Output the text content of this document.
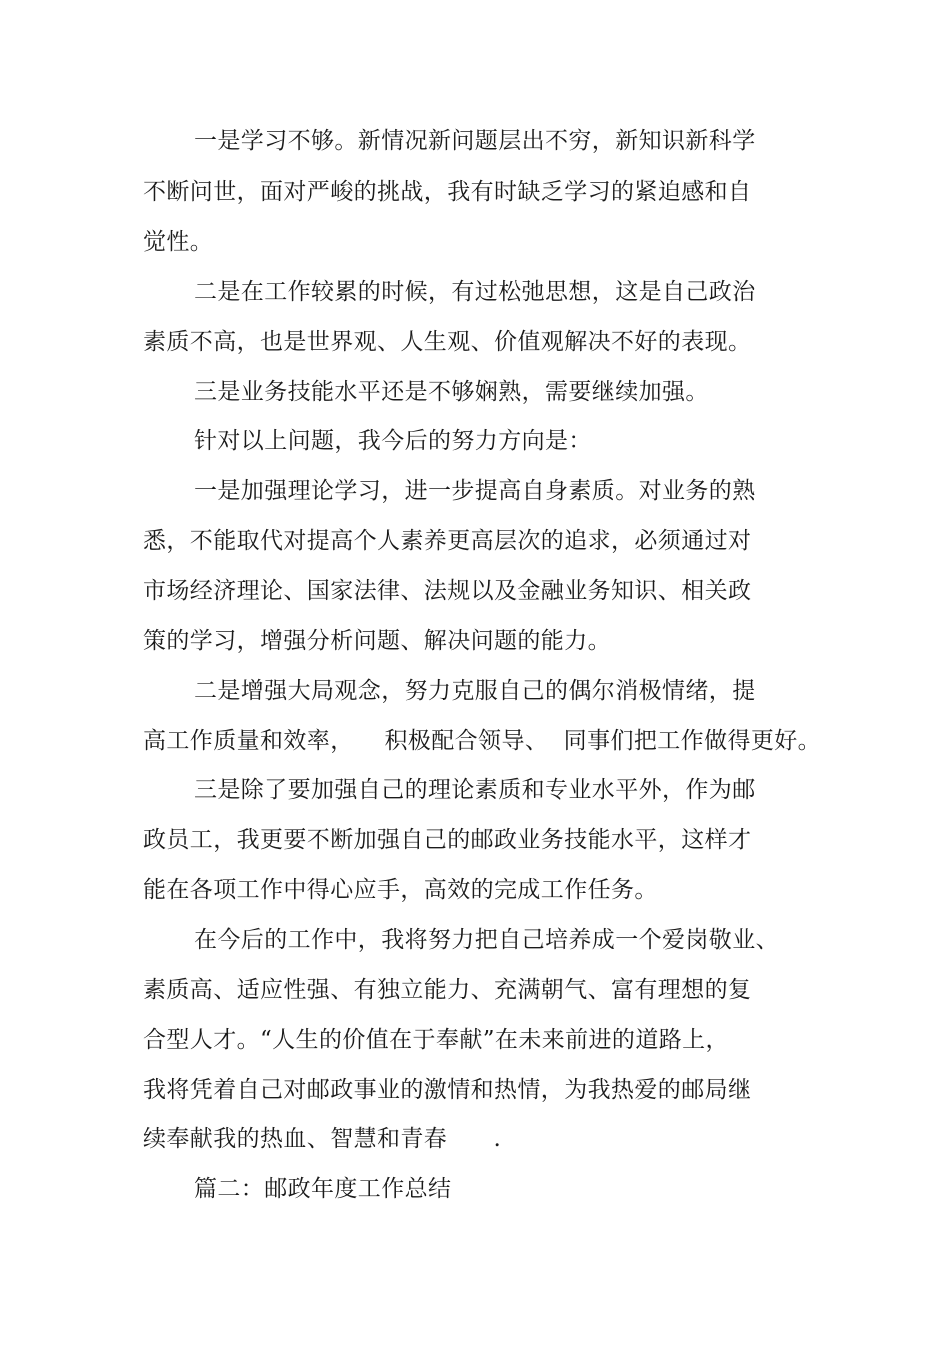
一是学习不够。新情况新问题层出不穷，新知识新科学
不断问世，面对严峻的挑战，我有时缺乏学习的紧迫感和自
觉性。
二是在工作较累的时候，有过松弛思想，这是自己政治
素质不高，也是世界观、人生观、价值观解决不好的表现。
三是业务技能水平还是不够娴熟，需要继续加强。
针对以上问题，我今后的努力方向是：
一是加强理论学习，进一步提高自身素质。对业务的熟
悉，不能取代对提高个人素养更高层次的追求，必须通过对
市场经济理论、国家法律、法规以及金融业务知识、相关政
策的学习，增强分析问题、解决问题的能力。
二是增强大局观念，努力克服自己的偶尔消极情绪，提
高工作质量和效率，    积极配合领导、  同事们把工作做得更好。
三是除了要加强自己的理论素质和专业水平外，作为邮
政员工，我更要不断加强自己的邮政业务技能水平，这样才
能在各项工作中得心应手，高效的完成工作任务。
在今后的工作中，我将努力把自己培养成一个爱岗敬业、
素质高、适应性强、有独立能力、充满朝气、富有理想的复
合型人才。“人生的价值在于奉献”在未来前进的道路上，
我将凭着自己对邮政事业的激情和热情，为我热爱的邮局继
续奉献我的热血、智慧和青春      .
篇二：邮政年度工作总结
